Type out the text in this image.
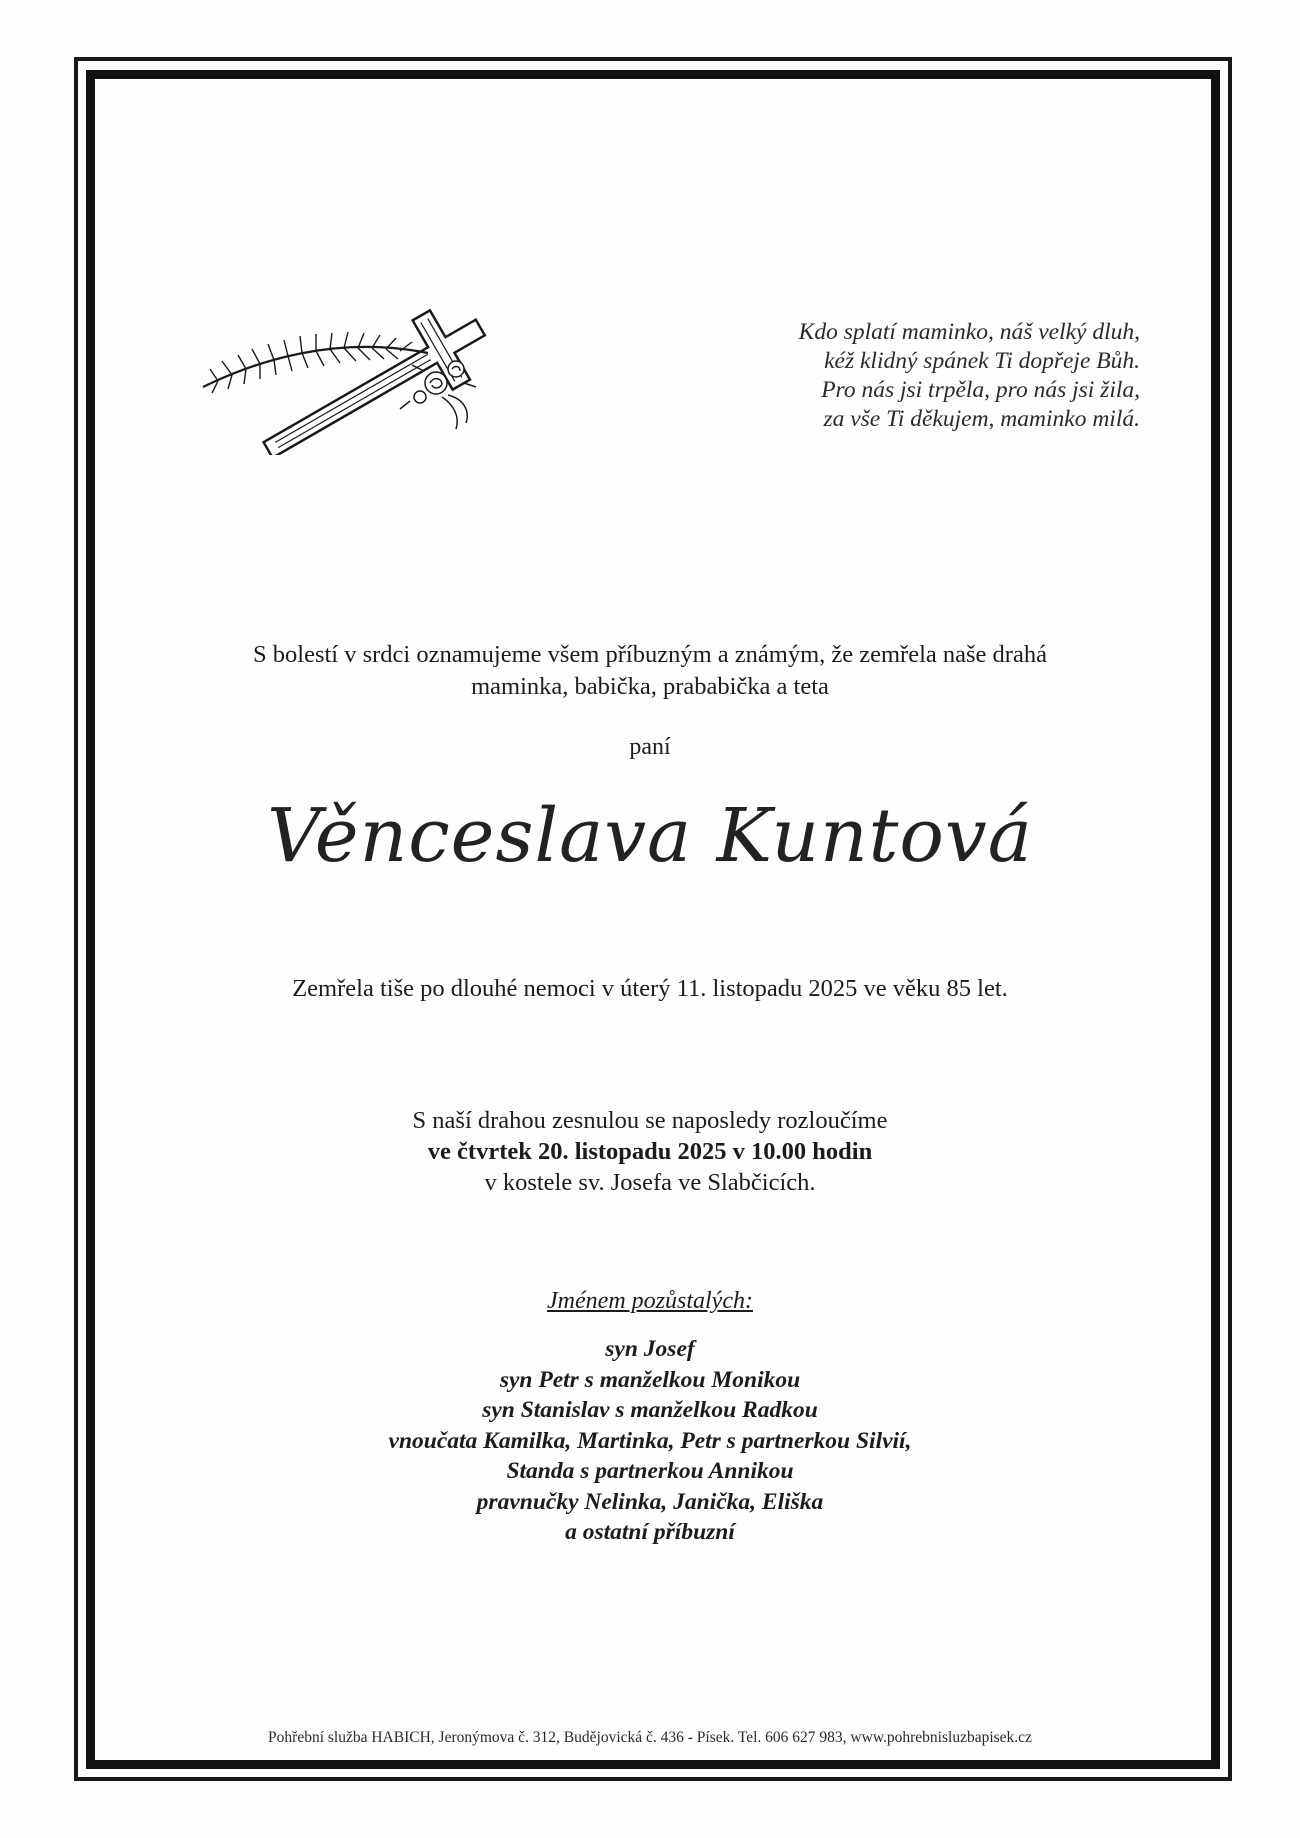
Kdo splatí maminko, náš velký dluh,
kéž klidný spánek Ti dopřeje Bůh.
Pro nás jsi trpěla, pro nás jsi žila,
za vše Ti děkujem, maminko milá.
S bolestí v srdci oznamujeme všem příbuzným a známým, že zemřela naše drahá
maminka, babička, prababička a teta
paní
Věnceslava Kuntová
Zemřela tiše po dlouhé nemoci v úterý 11. listopadu 2025 ve věku 85 let.
S naší drahou zesnulou se naposledy rozloučíme
ve čtvrtek 20. listopadu 2025 v 10.00 hodin
v kostele sv. Josefa ve Slabčicích.
Jménem pozůstalých:
syn Josef
syn Petr s manželkou Monikou
syn Stanislav s manželkou Radkou
vnoučata Kamilka, Martinka, Petr s partnerkou Silvií,
Standa s partnerkou Annikou
pravnučky Nelinka, Janička, Eliška
a ostatní příbuzní
Pohřební služba HABICH, Jeronýmova č. 312, Budějovická č. 436 - Písek. Tel. 606 627 983, www.pohrebnisluzbapisek.cz
